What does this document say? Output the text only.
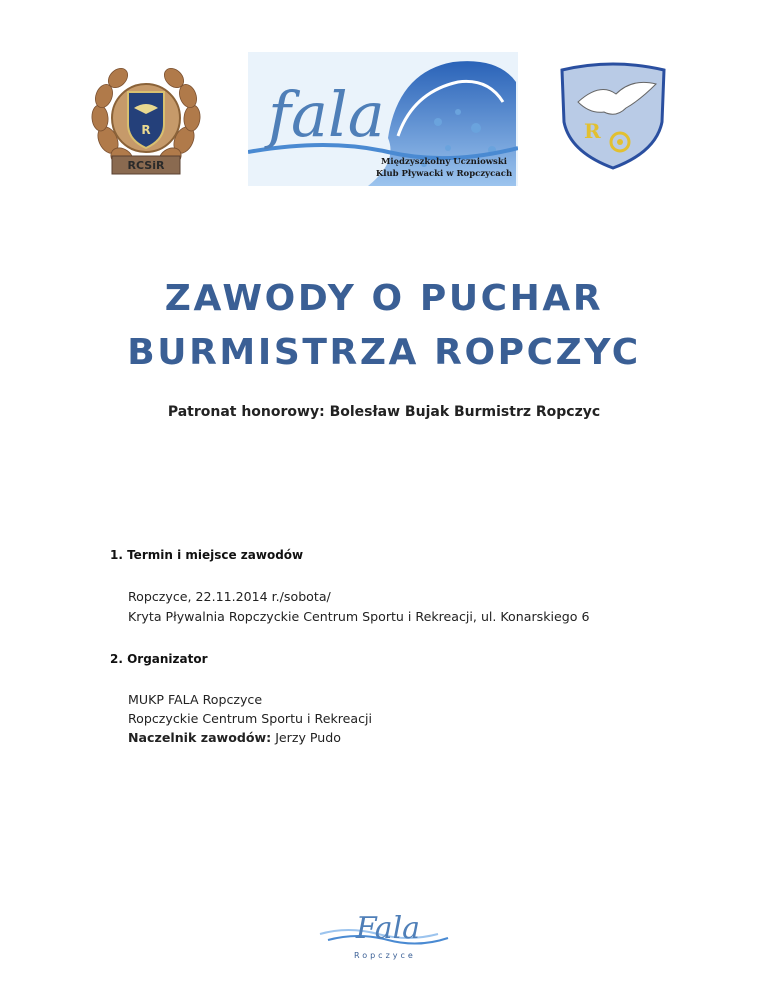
R
RCSiR
fala
Międzyszkolny Uczniowski
Klub Pływacki w Ropczycach
R
ZAWODY O PUCHAR
BURMISTRZA ROPCZYC
Patronat honorowy: Bolesław Bujak Burmistrz Ropczyc
1. Termin i miejsce zawodów
Ropczyce, 22.11.2014 r./sobota/
Kryta Pływalnia Ropczyckie Centrum Sportu i Rekreacji, ul. Konarskiego 6
2. Organizator
MUKP FALA Ropczyce
Ropczyckie Centrum Sportu i Rekreacji
Naczelnik zawodów: Jerzy Pudo
Fala
Ropczyce
